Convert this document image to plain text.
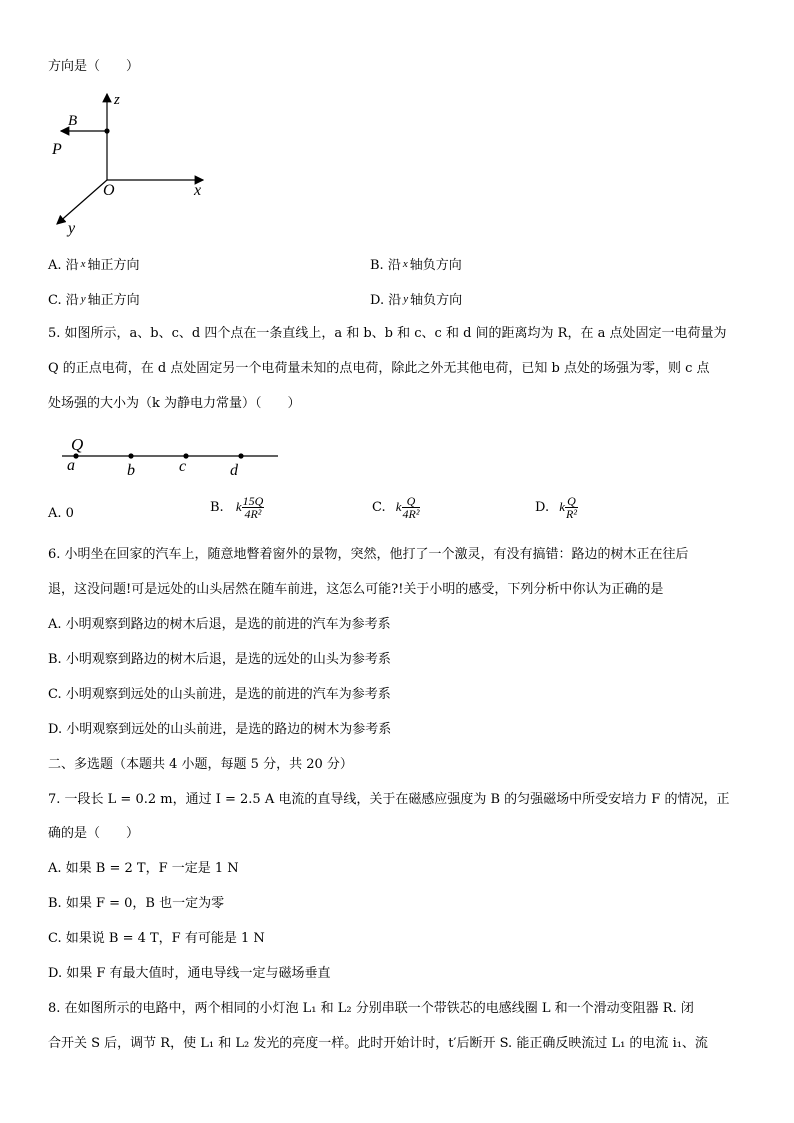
方向是（　　）
z
B
P
O	x
y
A. 沿 x 轴正方向	B. 沿 x 轴负方向
C. 沿 y 轴正方向	D. 沿 y 轴负方向
5. 如图所示，a、b、c、d 四个点在一条直线上，a 和 b、b 和 c、c 和 d 间的距离均为 R，在 a 点处固定一电荷量为
Q 的正点电荷，在 d 点处固定另一个电荷量未知的点电荷，除此之外无其他电荷，已知 b 点处的场强为零，则 c 点
处场强的大小为（k 为静电力常量）（　　）
Q
a	b	c	d
A. 0	B. k $\frac{15Q}{\text{4R²}}$	C. k $\frac{Q}{\text{4R²}}$	D. k $\frac{Q}{\text{R²}}$
6. 小明坐在回家的汽车上，随意地瞥着窗外的景物，突然，他打了一个激灵，有没有搞错：路边的树木正在往后
退，这没问题!可是远处的山头居然在随车前进，这怎么可能?!关于小明的感受，下列分析中你认为正确的是
A. 小明观察到路边的树木后退，是选的前进的汽车为参考系
B. 小明观察到路边的树木后退，是选的远处的山头为参考系
C. 小明观察到远处的山头前进，是选的前进的汽车为参考系
D. 小明观察到远处的山头前进，是选的路边的树木为参考系
二、多选题（本题共 4 小题，每题 5 分，共 20 分）
7. 一段长 L = 0.2 m，通过 I = 2.5 A 电流的直导线，关于在磁感应强度为 B 的匀强磁场中所受安培力 F 的情况，正
确的是（　　）
A. 如果 B = 2 T，F 一定是 1 N
B. 如果 F = 0，B 也一定为零
C. 如果说 B = 4 T，F 有可能是 1 N
D. 如果 F 有最大值时，通电导线一定与磁场垂直
8. 在如图所示的电路中，两个相同的小灯泡 L₁ 和 L₂ 分别串联一个带铁芯的电感线圈 L 和一个滑动变阻器 R. 闭
合开关 S 后，调节 R，使 L₁ 和 L₂ 发光的亮度一样。此时开始计时，t′后断开 S. 能正确反映流过 L₁ 的电流 i₁、流
